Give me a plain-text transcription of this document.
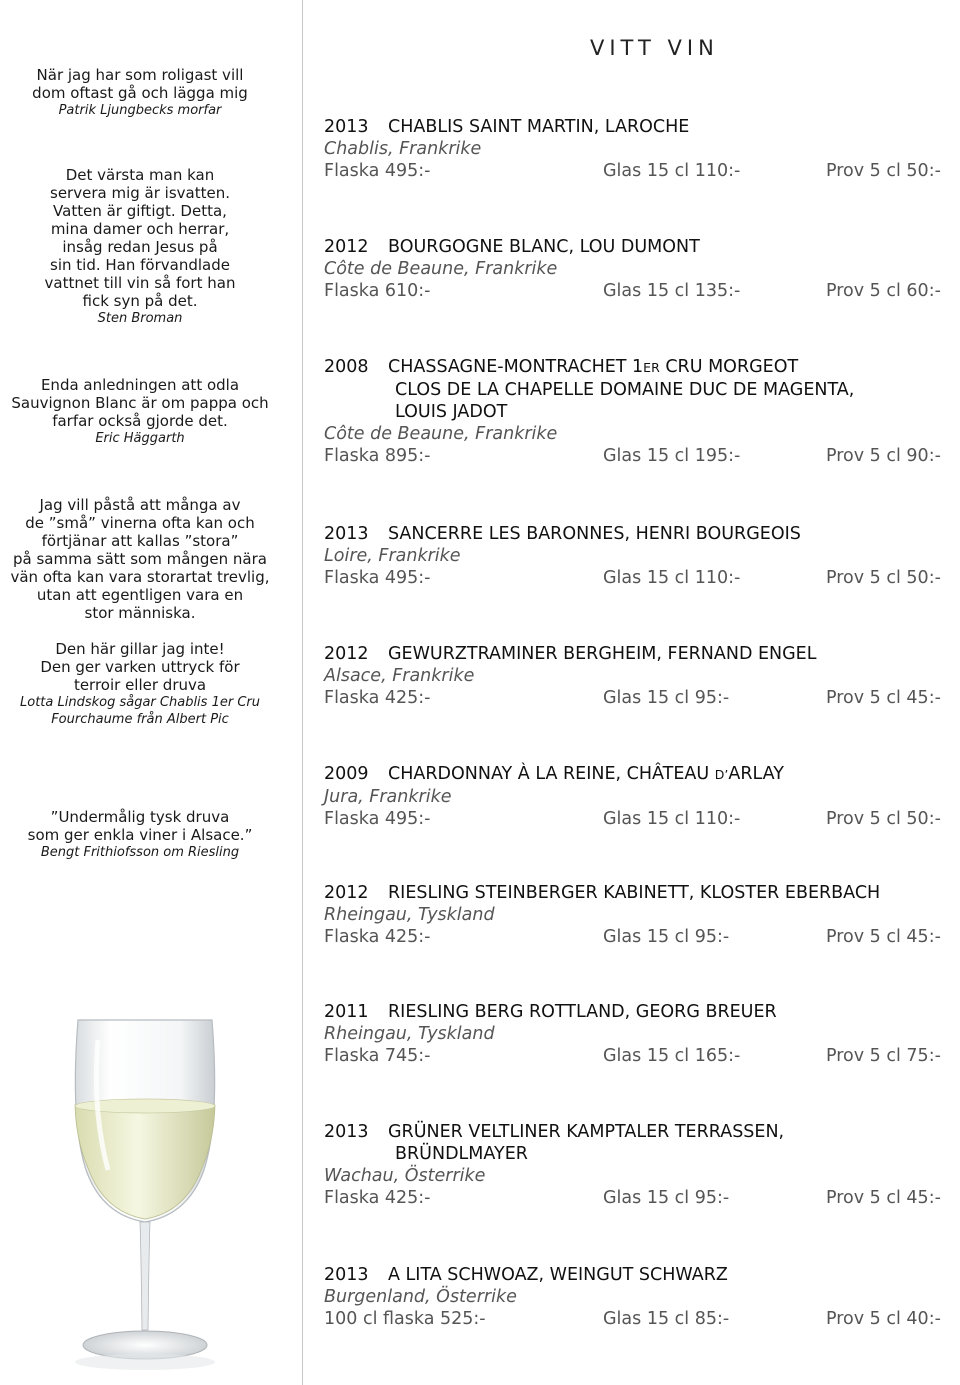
När jag har som roligast vill
dom oftast gå och lägga mig
Patrik Ljungbecks morfar
Det värsta man kan
servera mig är isvatten.
Vatten är giftigt. Detta,
mina damer och herrar,
insåg redan Jesus på
sin tid. Han förvandlade
vattnet till vin så fort han
fick syn på det.
Sten Broman
Enda anledningen att odla
Sauvignon Blanc är om pappa och
farfar också gjorde det.
Eric Häggarth
Jag vill påstå att många av
de ”små” vinerna ofta kan och
förtjänar att kallas ”stora”
på samma sätt som mången nära
vän ofta kan vara storartat trevlig,
utan att egentligen vara en
stor människa.
Den här gillar jag inte!
Den ger varken uttryck för
terroir eller druva
Lotta Lindskog sågar Chablis 1er Cru
Fourchaume från Albert Pic
”Undermålig tysk druva
som ger enkla viner i Alsace.”
Bengt Frithiofsson om Riesling
VITT VIN
2013 CHABLIS SAINT MARTIN, LAROCHE
Chablis, Frankrike
Flaska 495:-	Glas 15 cl 110:-	Prov 5 cl 50:-
2012 BOURGOGNE BLANC, LOU DUMONT
Côte de Beaune, Frankrike
Flaska 610:-	Glas 15 cl 135:-	Prov 5 cl 60:-
2008 CHASSAGNE-MONTRACHET 1ER CRU MORGEOT
CLOS DE LA CHAPELLE DOMAINE DUC DE MAGENTA,
LOUIS JADOT
Côte de Beaune, Frankrike
Flaska 895:-	Glas 15 cl 195:-	Prov 5 cl 90:-
2013 SANCERRE LES BARONNES, HENRI BOURGEOIS
Loire, Frankrike
Flaska 495:-	Glas 15 cl 110:-	Prov 5 cl 50:-
2012 GEWURZTRAMINER BERGHEIM, FERNAND ENGEL
Alsace, Frankrike
Flaska 425:-	Glas 15 cl 95:-	Prov 5 cl 45:-
2009 CHARDONNAY À LA REINE, CHÂTEAU D’ARLAY
Jura, Frankrike
Flaska 495:-	Glas 15 cl 110:-	Prov 5 cl 50:-
2012 RIESLING STEINBERGER KABINETT, KLOSTER EBERBACH
Rheingau, Tyskland
Flaska 425:-	Glas 15 cl 95:-	Prov 5 cl 45:-
2011 RIESLING BERG ROTTLAND, GEORG BREUER
Rheingau, Tyskland
Flaska 745:-	Glas 15 cl 165:-	Prov 5 cl 75:-
2013 GRÜNER VELTLINER KAMPTALER TERRASSEN,
BRÜNDLMAYER
Wachau, Österrike
Flaska 425:-	Glas 15 cl 95:-	Prov 5 cl 45:-
2013 A LITA SCHWOAZ, WEINGUT SCHWARZ
Burgenland, Österrike
100 cl flaska 525:-	Glas 15 cl 85:-	Prov 5 cl 40:-
